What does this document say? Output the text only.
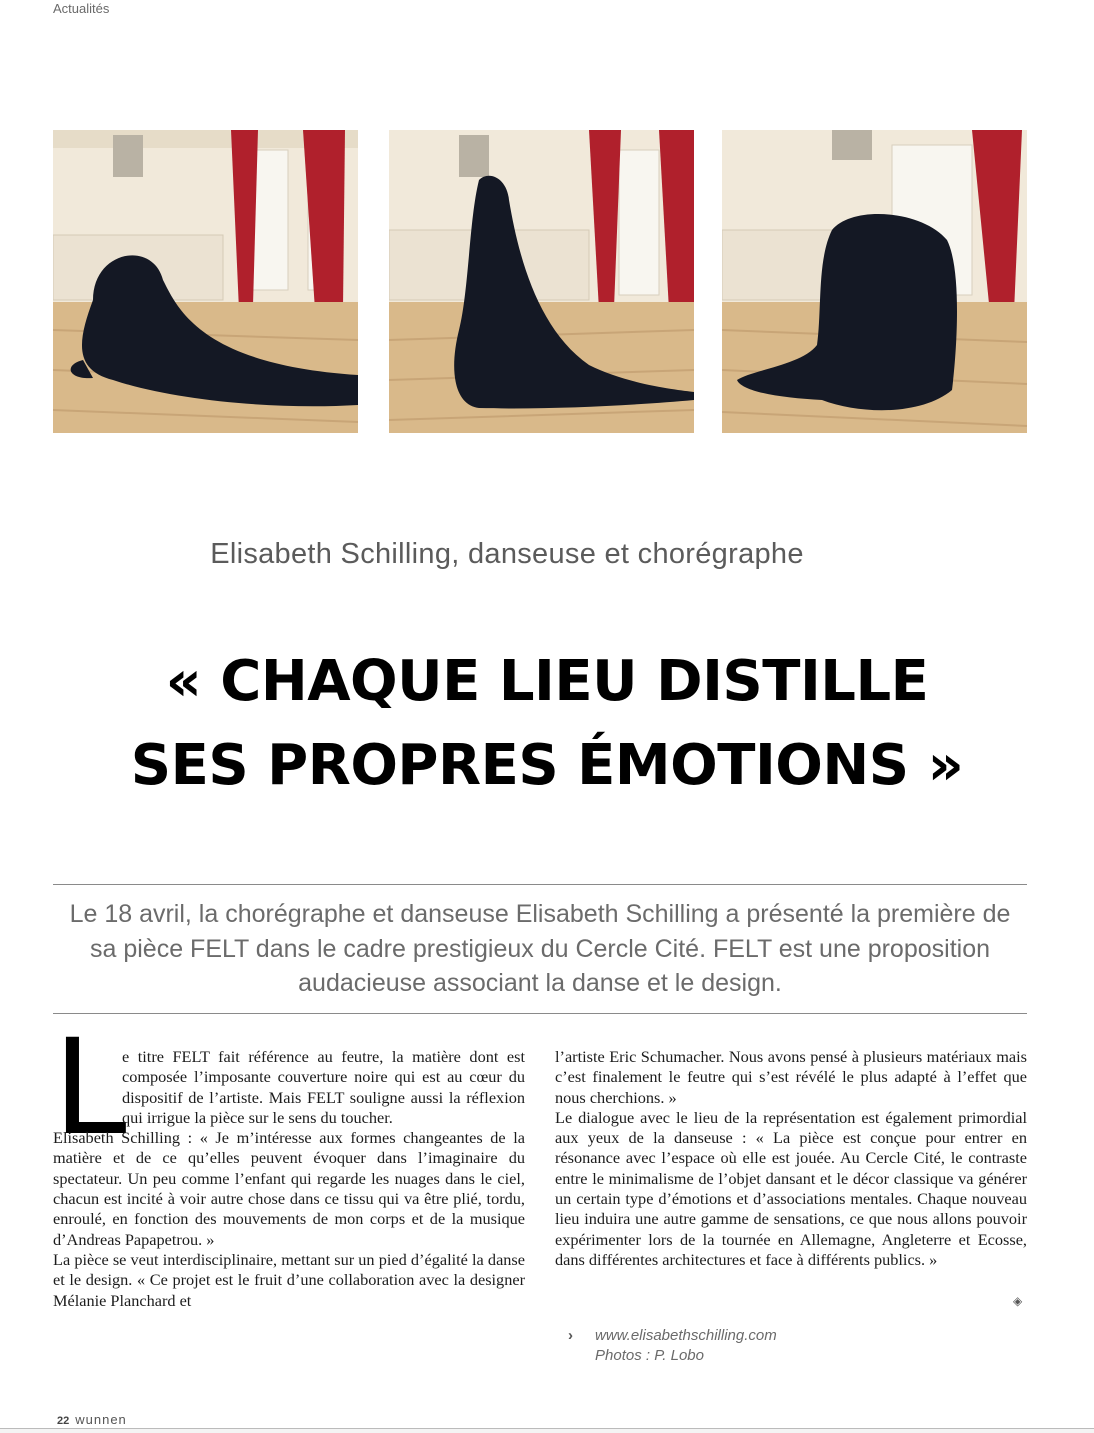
Actualités
Elisabeth Schilling, danseuse et chorégraphe
« CHAQUE LIEU DISTILLE
SES PROPRES ÉMOTIONS »

Le 18 avril, la chorégraphe et danseuse Elisabeth Schilling a présenté la première de sa pièce FELT dans le cadre prestigieux du Cercle Cité. FELT est une proposition audacieuse associant la danse et le design.

L

e titre FELT fait référence au feutre, la matière dont est composée l’imposante couverture noire qui est au cœur du dispositif de l’artiste. Mais FELT souligne aussi la réflexion qui irrigue la pièce sur le sens du toucher.

Elisabeth Schilling : « Je m’intéresse aux formes changeantes de la matière et de ce qu’elles peuvent évoquer dans l’imaginaire du spectateur. Un peu comme l’enfant qui regarde les nuages dans le ciel, chacun est incité à voir autre chose dans ce tissu qui va être plié, tordu, enroulé, en fonction des mouvements de mon corps et de la musique d’Andreas Papapetrou. »

La pièce se veut interdisciplinaire, mettant sur un pied d’égalité la danse et le design. « Ce projet est le fruit d’une collaboration avec la designer Mélanie Planchard et

l’artiste Eric Schumacher. Nous avons pensé à plusieurs matériaux mais c’est finalement le feutre qui s’est révélé le plus adapté à l’effet que nous cherchions. »

Le dialogue avec le lieu de la représentation est également primordial aux yeux de la danseuse : « La pièce est conçue pour entrer en résonance avec l’espace où elle est jouée. Au Cercle Cité, le contraste entre le minimalisme de l’objet dansant et le décor classique va générer un certain type d’émotions et d’associations mentales. Chaque nouveau lieu induira une autre gamme de sensations, ce que nous allons pouvoir expérimenter lors de la tournée en Allemagne, Angleterre et Ecosse, dans différentes architectures et face à différents publics. »

◈
› www.elisabethschilling.com
Photos : P. Lobo
22 wunnen
